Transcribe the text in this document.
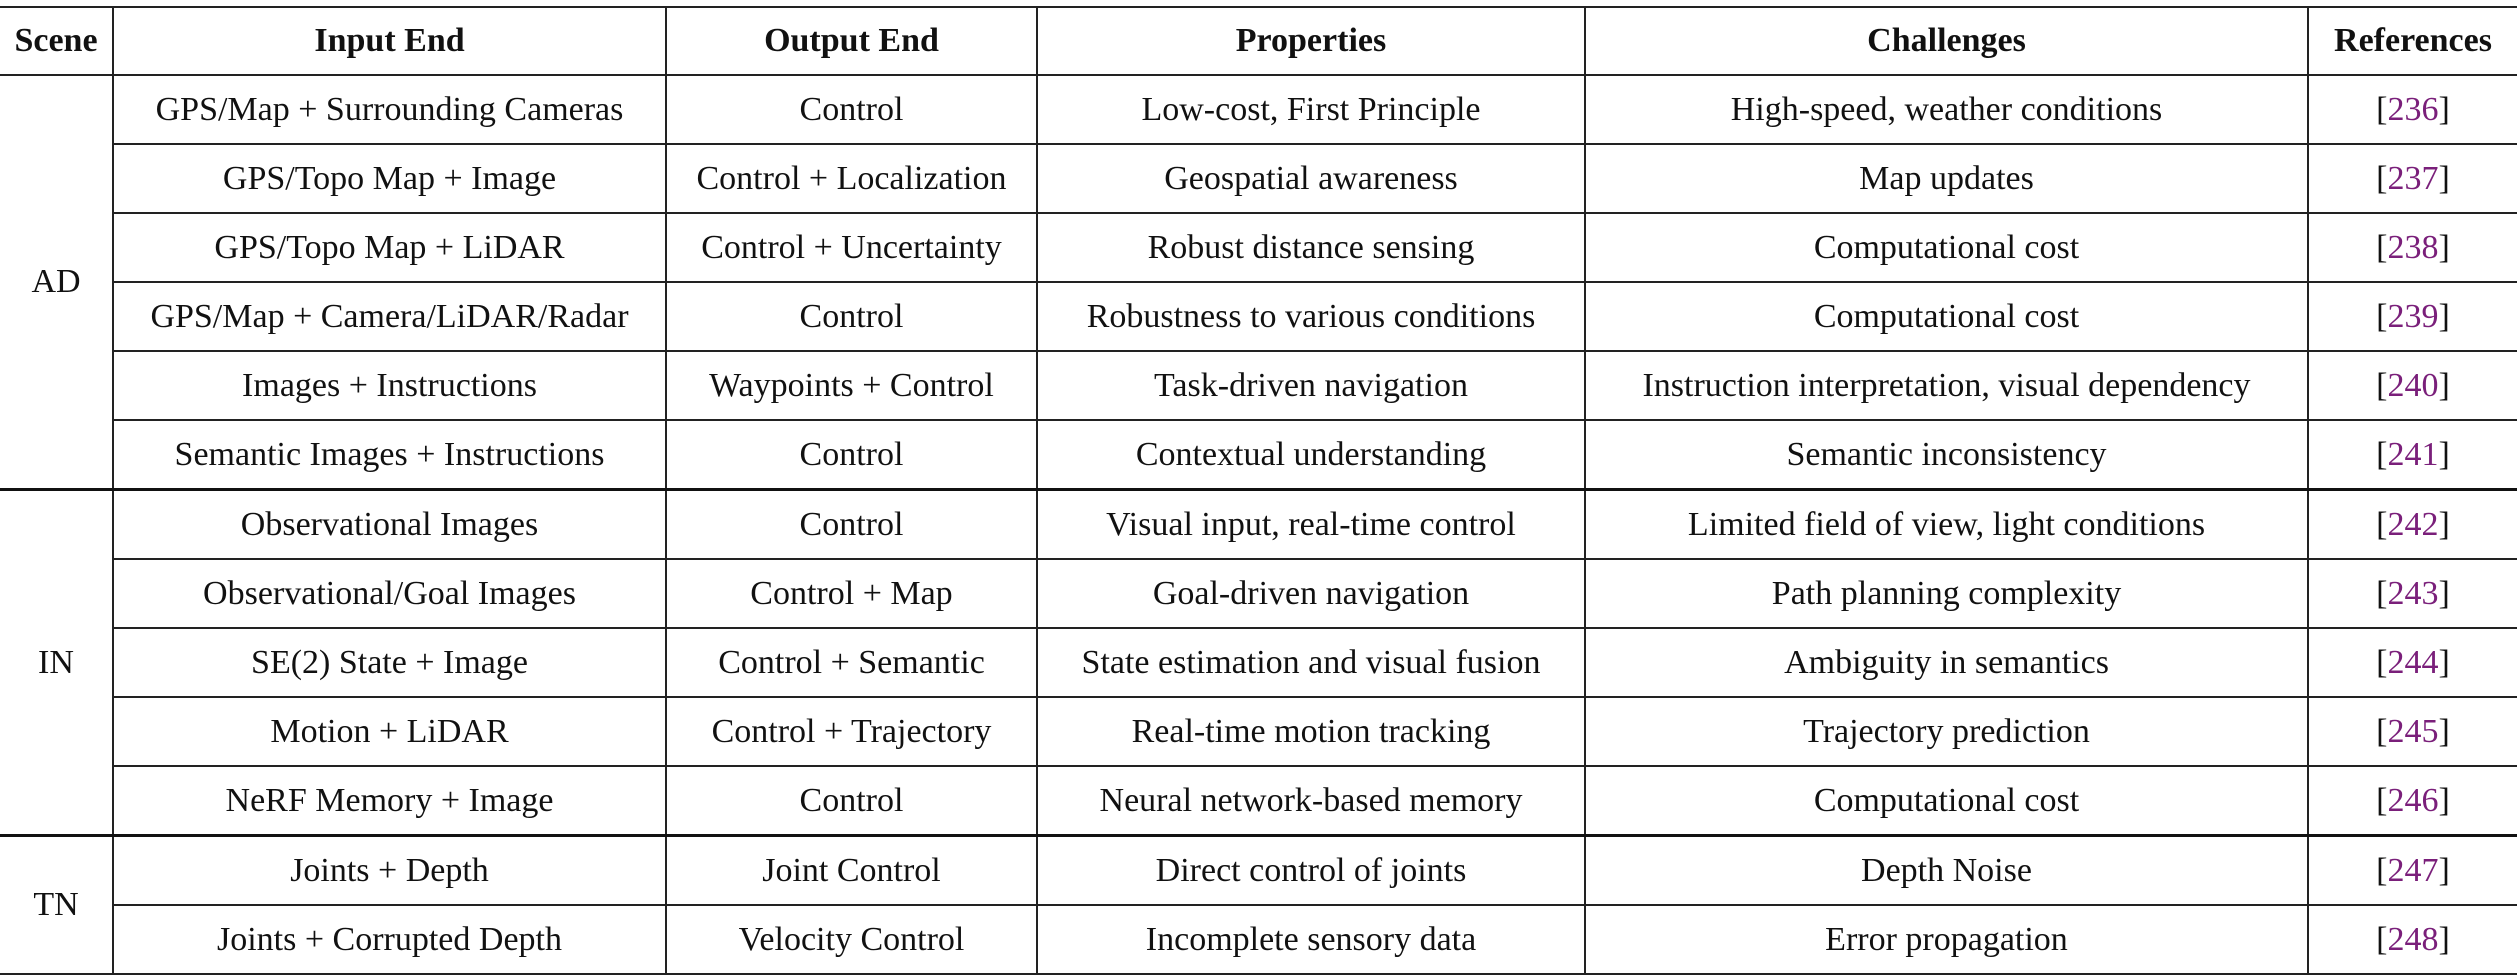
Scene	Input End	Output End	Properties	Challenges	References
AD	GPS/Map + Surrounding Cameras	Control	Low-cost, First Principle	High-speed, weather conditions	[236]
	GPS/Topo Map + Image	Control + Localization	Geospatial awareness	Map updates	[237]
	GPS/Topo Map + LiDAR	Control + Uncertainty	Robust distance sensing	Computational cost	[238]
	GPS/Map + Camera/LiDAR/Radar	Control	Robustness to various conditions	Computational cost	[239]
	Images + Instructions	Waypoints + Control	Task-driven navigation	Instruction interpretation, visual dependency	[240]
	Semantic Images + Instructions	Control	Contextual understanding	Semantic inconsistency	[241]
IN	Observational Images	Control	Visual input, real-time control	Limited field of view, light conditions	[242]
	Observational/Goal Images	Control + Map	Goal-driven navigation	Path planning complexity	[243]
	SE(2) State + Image	Control + Semantic	State estimation and visual fusion	Ambiguity in semantics	[244]
	Motion + LiDAR	Control + Trajectory	Real-time motion tracking	Trajectory prediction	[245]
	NeRF Memory + Image	Control	Neural network-based memory	Computational cost	[246]
TN	Joints + Depth	Joint Control	Direct control of joints	Depth Noise	[247]
	Joints + Corrupted Depth	Velocity Control	Incomplete sensory data	Error propagation	[248]
